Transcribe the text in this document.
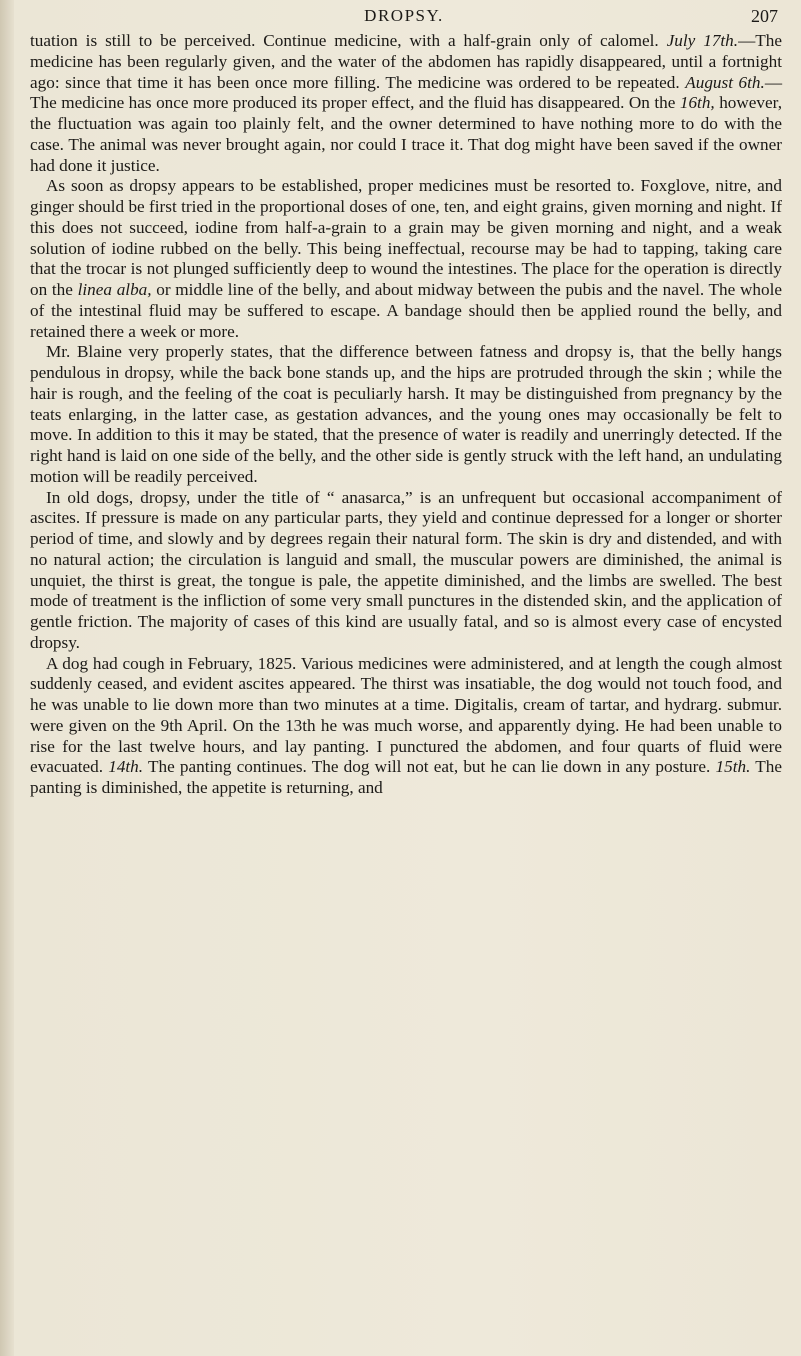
DROPSY.	207

tuation is still to be perceived. Continue medicine, with a half-grain only of calomel. July 17th.—The medicine has been regularly given, and the water of the abdomen has rapidly disappeared, until a fortnight ago: since that time it has been once more filling. The medicine was ordered to be repeated. August 6th.—The medicine has once more produced its proper effect, and the fluid has disappeared. On the 16th, however, the fluctuation was again too plainly felt, and the owner determined to have nothing more to do with the case. The animal was never brought again, nor could I trace it. That dog might have been saved if the owner had done it justice.

As soon as dropsy appears to be established, proper medicines must be resorted to. Foxglove, nitre, and ginger should be first tried in the proportional doses of one, ten, and eight grains, given morning and night. If this does not succeed, iodine from half-a-grain to a grain may be given morning and night, and a weak solution of iodine rubbed on the belly. This being ineffectual, recourse may be had to tapping, taking care that the trocar is not plunged sufficiently deep to wound the intestines. The place for the operation is directly on the linea alba, or middle line of the belly, and about midway between the pubis and the navel. The whole of the intestinal fluid may be suffered to escape. A bandage should then be applied round the belly, and retained there a week or more.

Mr. Blaine very properly states, that the difference between fatness and dropsy is, that the belly hangs pendulous in dropsy, while the back bone stands up, and the hips are protruded through the skin ; while the hair is rough, and the feeling of the coat is peculiarly harsh. It may be distinguished from pregnancy by the teats enlarging, in the latter case, as gestation advances, and the young ones may occasionally be felt to move. In addition to this it may be stated, that the presence of water is readily and unerringly detected. If the right hand is laid on one side of the belly, and the other side is gently struck with the left hand, an undulating motion will be readily perceived.

In old dogs, dropsy, under the title of “ anasarca,” is an unfrequent but occasional accompaniment of ascites. If pressure is made on any particular parts, they yield and continue depressed for a longer or shorter period of time, and slowly and by degrees regain their natural form. The skin is dry and distended, and with no natural action; the circulation is languid and small, the muscular powers are diminished, the animal is unquiet, the thirst is great, the tongue is pale, the appetite diminished, and the limbs are swelled. The best mode of treatment is the infliction of some very small punctures in the distended skin, and the application of gentle friction. The majority of cases of this kind are usually fatal, and so is almost every case of encysted dropsy.

A dog had cough in February, 1825. Various medicines were administered, and at length the cough almost suddenly ceased, and evident ascites appeared. The thirst was insatiable, the dog would not touch food, and he was unable to lie down more than two minutes at a time. Digitalis, cream of tartar, and hydrarg. submur. were given on the 9th April. On the 13th he was much worse, and apparently dying. He had been unable to rise for the last twelve hours, and lay panting. I punctured the abdomen, and four quarts of fluid were evacuated. 14th. The panting continues. The dog will not eat, but he can lie down in any posture. 15th. The panting is diminished, the appetite is returning, and
